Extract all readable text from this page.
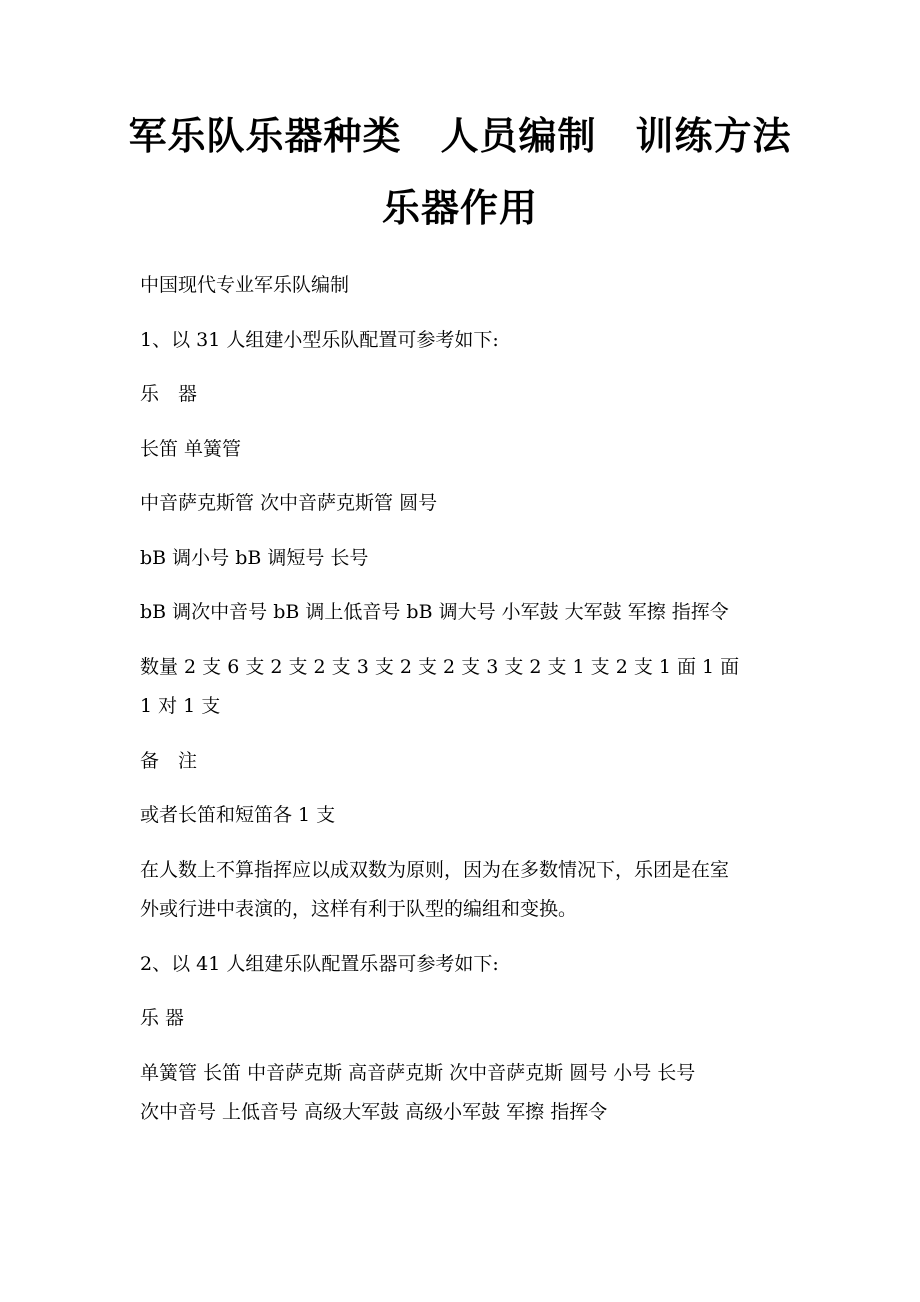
军乐队乐器种类　人员编制　训练方法
乐器作用

中国现代专业军乐队编制

1、以 31 人组建小型乐队配置可参考如下:

乐　器

长笛 单簧管

中音萨克斯管 次中音萨克斯管 圆号

bB 调小号 bB 调短号 长号

bB 调次中音号 bB 调上低音号 bB 调大号 小军鼓 大军鼓 军擦 指挥令

数量 2 支 6 支 2 支 2 支 3 支 2 支 2 支 3 支 2 支 1 支 2 支 1 面 1 面

1 对 1 支

备　注

或者长笛和短笛各 1 支

在人数上不算指挥应以成双数为原则，因为在多数情况下，乐团是在室

外或行进中表演的，这样有利于队型的编组和变换。

2、以 41 人组建乐队配置乐器可参考如下:

乐 器

单簧管 长笛 中音萨克斯 高音萨克斯 次中音萨克斯 圆号 小号 长号

次中音号 上低音号 高级大军鼓 高级小军鼓 军擦 指挥令
